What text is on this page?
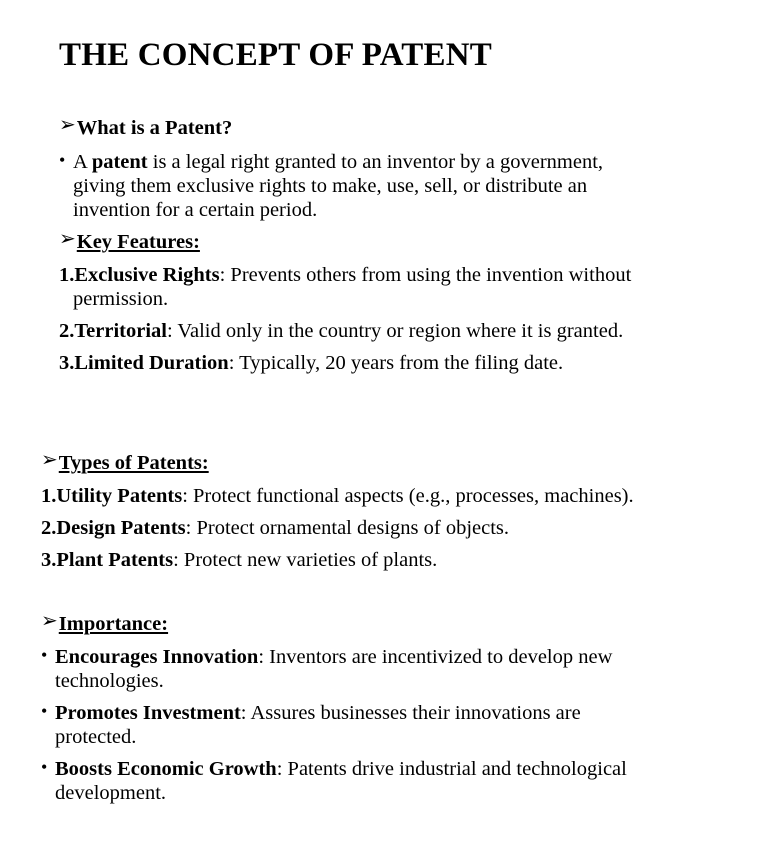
THE CONCEPT OF PATENT
➢What is a Patent?
• A patent is a legal right granted to an inventor by a government,
giving them exclusive rights to make, use, sell, or distribute an
invention for a certain period.
➢Key Features:
1.Exclusive Rights: Prevents others from using the invention without
permission.
2.Territorial: Valid only in the country or region where it is granted.
3.Limited Duration: Typically, 20 years from the filing date.
➢Types of Patents:
1.Utility Patents: Protect functional aspects (e.g., processes, machines).
2.Design Patents: Protect ornamental designs of objects.
3.Plant Patents: Protect new varieties of plants.
➢Importance:
• Encourages Innovation: Inventors are incentivized to develop new
technologies.
• Promotes Investment: Assures businesses their innovations are
protected.
• Boosts Economic Growth: Patents drive industrial and technological
development.
